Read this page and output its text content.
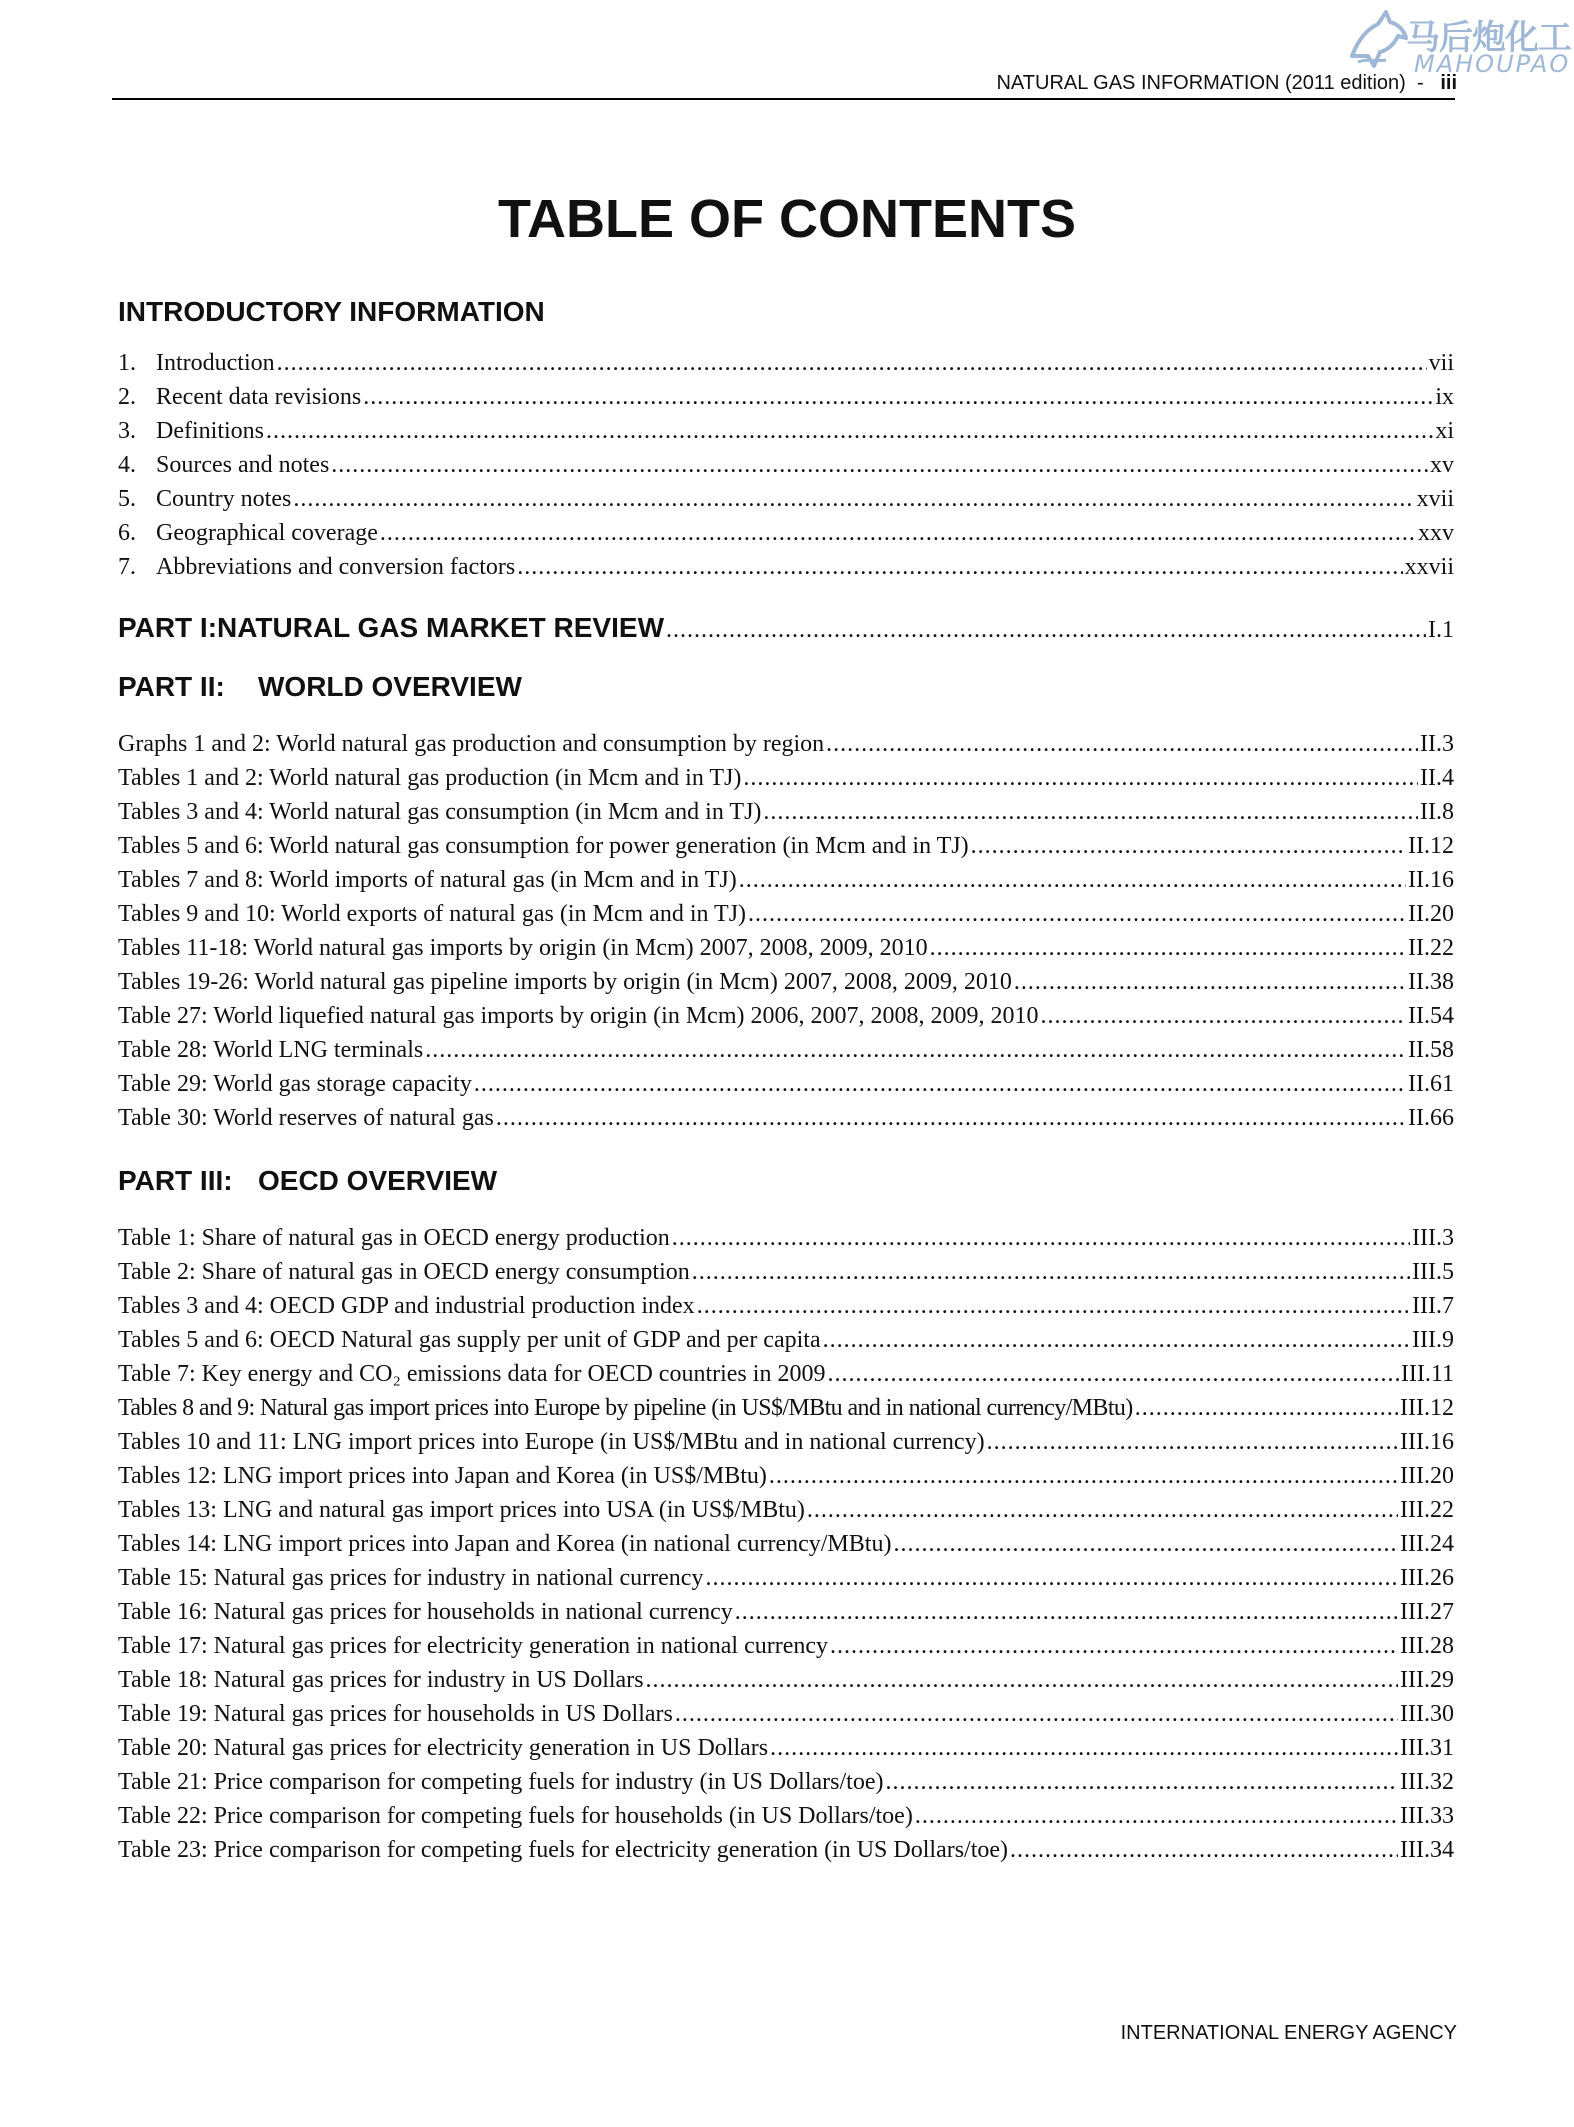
马后炮化工
MAHOUPAO
NATURAL GAS INFORMATION (2011 edition) - iii
TABLE OF CONTENTS
INTRODUCTORY INFORMATION
1. Introduction .....	vii
2. Recent data revisions .....	ix
3. Definitions .....	xi
4. Sources and notes .....	xv
5. Country notes .....	xvii
6. Geographical coverage .....	xxv
7. Abbreviations and conversion factors .....	xxvii
PART I: NATURAL GAS MARKET REVIEW .....	I.1
PART II: WORLD OVERVIEW
Graphs 1 and 2: World natural gas production and consumption by region .....	II.3
Tables 1 and 2: World natural gas production (in Mcm and in TJ) .....	II.4
Tables 3 and 4: World natural gas consumption (in Mcm and in TJ) .....	II.8
Tables 5 and 6: World natural gas consumption for power generation (in Mcm and in TJ) .....	II.12
Tables 7 and 8: World imports of natural gas (in Mcm and in TJ) .....	II.16
Tables 9 and 10: World exports of natural gas (in Mcm and in TJ) .....	II.20
Tables 11-18: World natural gas imports by origin (in Mcm) 2007, 2008, 2009, 2010 .....	II.22
Tables 19-26: World natural gas pipeline imports by origin (in Mcm) 2007, 2008, 2009, 2010 .....	II.38
Table 27: World liquefied natural gas imports by origin (in Mcm) 2006, 2007, 2008, 2009, 2010 .....	II.54
Table 28: World LNG terminals .....	II.58
Table 29: World gas storage capacity .....	II.61
Table 30: World reserves of natural gas .....	II.66
PART III: OECD OVERVIEW
Table 1: Share of natural gas in OECD energy production .....	III.3
Table 2: Share of natural gas in OECD energy consumption .....	III.5
Tables 3 and 4: OECD GDP and industrial production index .....	III.7
Tables 5 and 6: OECD Natural gas supply per unit of GDP and per capita .....	III.9
Table 7: Key energy and CO₂ emissions data for OECD countries in 2009 .....	III.11
Tables 8 and 9: Natural gas import prices into Europe by pipeline (in US$/MBtu and in national currency/MBtu) .....	III.12
Tables 10 and 11: LNG import prices into Europe (in US$/MBtu and in national currency) .....	III.16
Tables 12: LNG import prices into Japan and Korea (in US$/MBtu) .....	III.20
Tables 13: LNG and natural gas import prices into USA (in US$/MBtu) .....	III.22
Tables 14: LNG import prices into Japan and Korea (in national currency/MBtu) .....	III.24
Table 15: Natural gas prices for industry in national currency .....	III.26
Table 16: Natural gas prices for households in national currency .....	III.27
Table 17: Natural gas prices for electricity generation in national currency .....	III.28
Table 18: Natural gas prices for industry in US Dollars .....	III.29
Table 19: Natural gas prices for households in US Dollars .....	III.30
Table 20: Natural gas prices for electricity generation in US Dollars .....	III.31
Table 21: Price comparison for competing fuels for industry (in US Dollars/toe) .....	III.32
Table 22: Price comparison for competing fuels for households (in US Dollars/toe) .....	III.33
Table 23: Price comparison for competing fuels for electricity generation (in US Dollars/toe) .....	III.34
INTERNATIONAL ENERGY AGENCY
